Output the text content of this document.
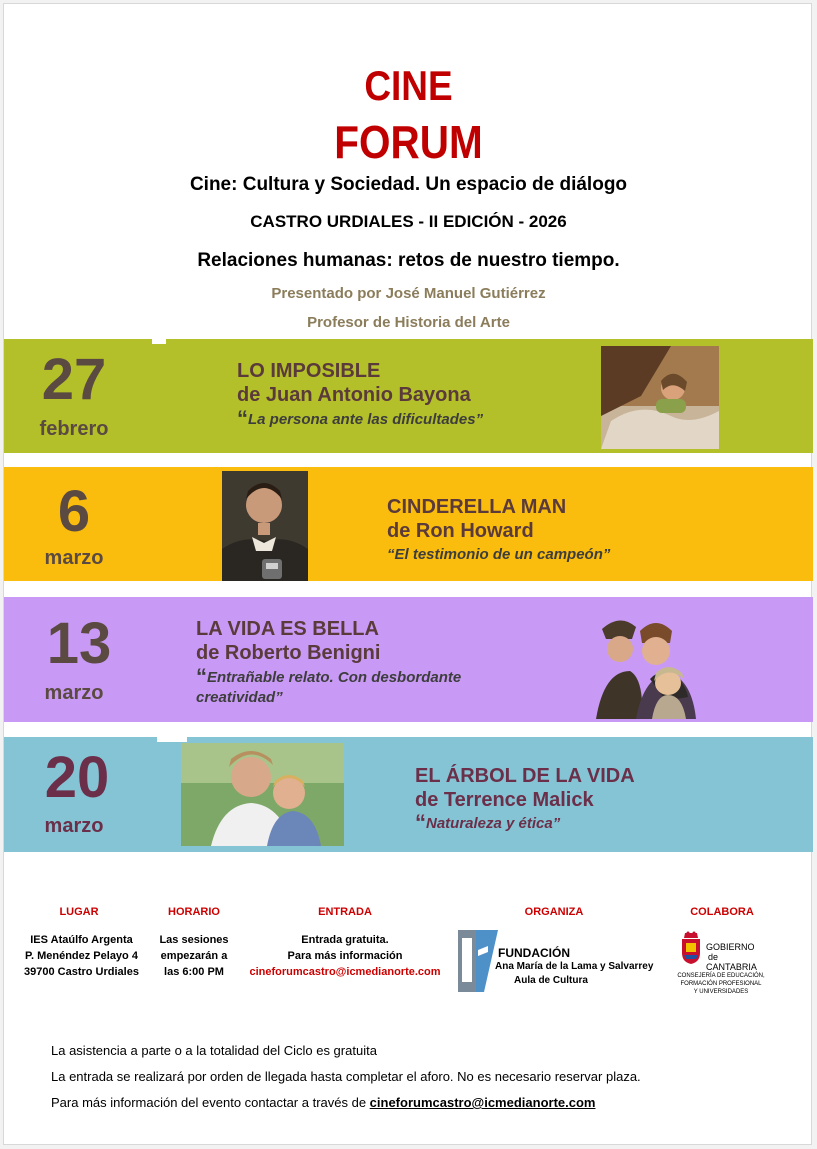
CINE
FORUM
Cine: Cultura y Sociedad. Un espacio de diálogo
CASTRO URDIALES - II EDICIÓN - 2026
Relaciones humanas: retos de nuestro tiempo.
Presentado por José Manuel Gutiérrez
Profesor de Historia del Arte
27
febrero
LO IMPOSIBLE
de Juan Antonio Bayona
“La persona ante las dificultades”
6
marzo
CINDERELLA MAN
de Ron Howard
“El testimonio de un campeón”
13
marzo
LA VIDA ES BELLA
de Roberto Benigni
“Entrañable relato. Con desbordante creatividad”
20
marzo
EL ÁRBOL DE LA VIDA
de Terrence Malick
“Naturaleza y ética”
LUGAR
IES Ataúlfo Argenta
P. Menéndez Pelayo 4
39700 Castro Urdiales
HORARIO
Las sesiones
empezarán a
las 6:00 PM
ENTRADA
Entrada gratuita.
Para más información
cineforumcastro@icmedianorte.com
ORGANIZA
FUNDACIÓN
Ana María de la Lama y Salvarrey
Aula de Cultura
COLABORA
GOBIERNO
de
CANTABRIA
CONSEJERÍA DE EDUCACIÓN,
FORMACIÓN PROFESIONAL
Y UNIVERSIDADES
La asistencia a parte o a la totalidad del Ciclo es gratuita
La entrada se realizará por orden de llegada hasta completar el aforo. No es necesario reservar plaza.
Para más información del evento contactar a través de cineforumcastro@icmedianorte.com
